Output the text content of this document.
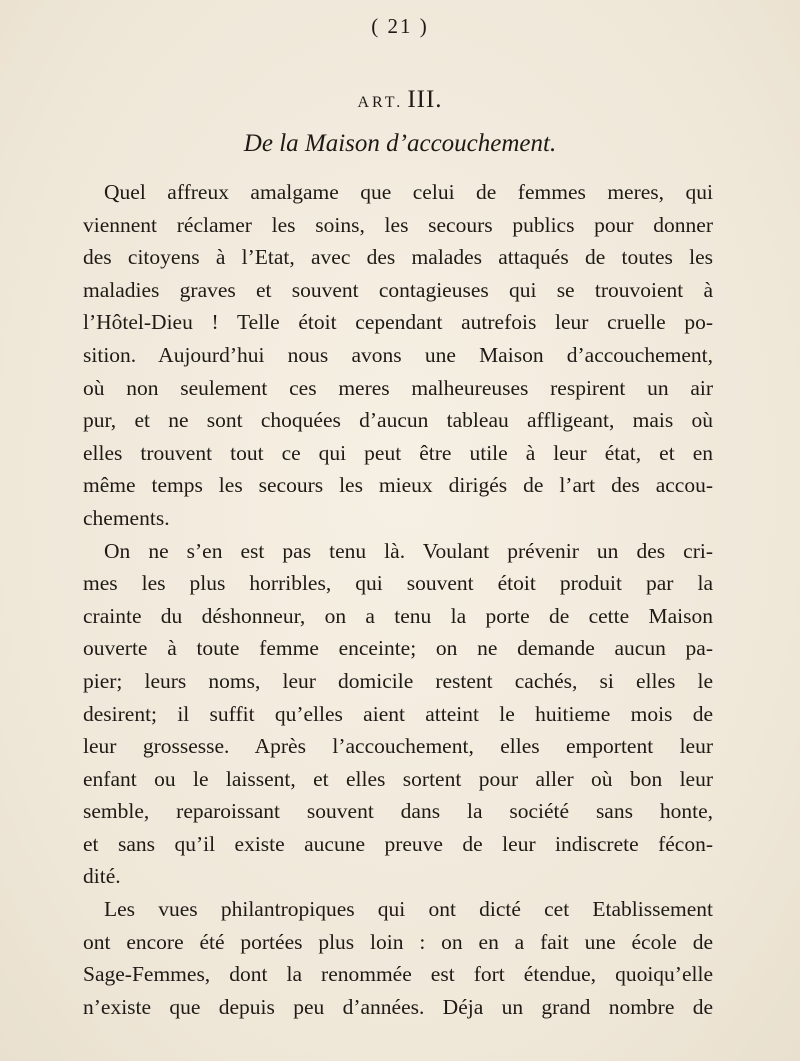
( 21 )
ART. III.
De la Maison d’accouchement.
Quel affreux amalgame que celui de femmes meres, qui
viennent réclamer les soins, les secours publics pour donner
des citoyens à l’Etat, avec des malades attaqués de toutes les
maladies graves et souvent contagieuses qui se trouvoient à
l’Hôtel-Dieu ! Telle étoit cependant autrefois leur cruelle po-
sition. Aujourd’hui nous avons une Maison d’accouchement,
où non seulement ces meres malheureuses respirent un air
pur, et ne sont choquées d’aucun tableau affligeant, mais où
elles trouvent tout ce qui peut être utile à leur état, et en
même temps les secours les mieux dirigés de l’art des accou-
chements.
On ne s’en est pas tenu là. Voulant prévenir un des cri-
mes les plus horribles, qui souvent étoit produit par la
crainte du déshonneur, on a tenu la porte de cette Maison
ouverte à toute femme enceinte; on ne demande aucun pa-
pier; leurs noms, leur domicile restent cachés, si elles le
desirent; il suffit qu’elles aient atteint le huitieme mois de
leur grossesse. Après l’accouchement, elles emportent leur
enfant ou le laissent, et elles sortent pour aller où bon leur
semble, reparoissant souvent dans la société sans honte,
et sans qu’il existe aucune preuve de leur indiscrete fécon-
dité.
Les vues philantropiques qui ont dicté cet Etablissement
ont encore été portées plus loin : on en a fait une école de
Sage-Femmes, dont la renommée est fort étendue, quoiqu’elle
n’existe que depuis peu d’années. Déja un grand nombre de
